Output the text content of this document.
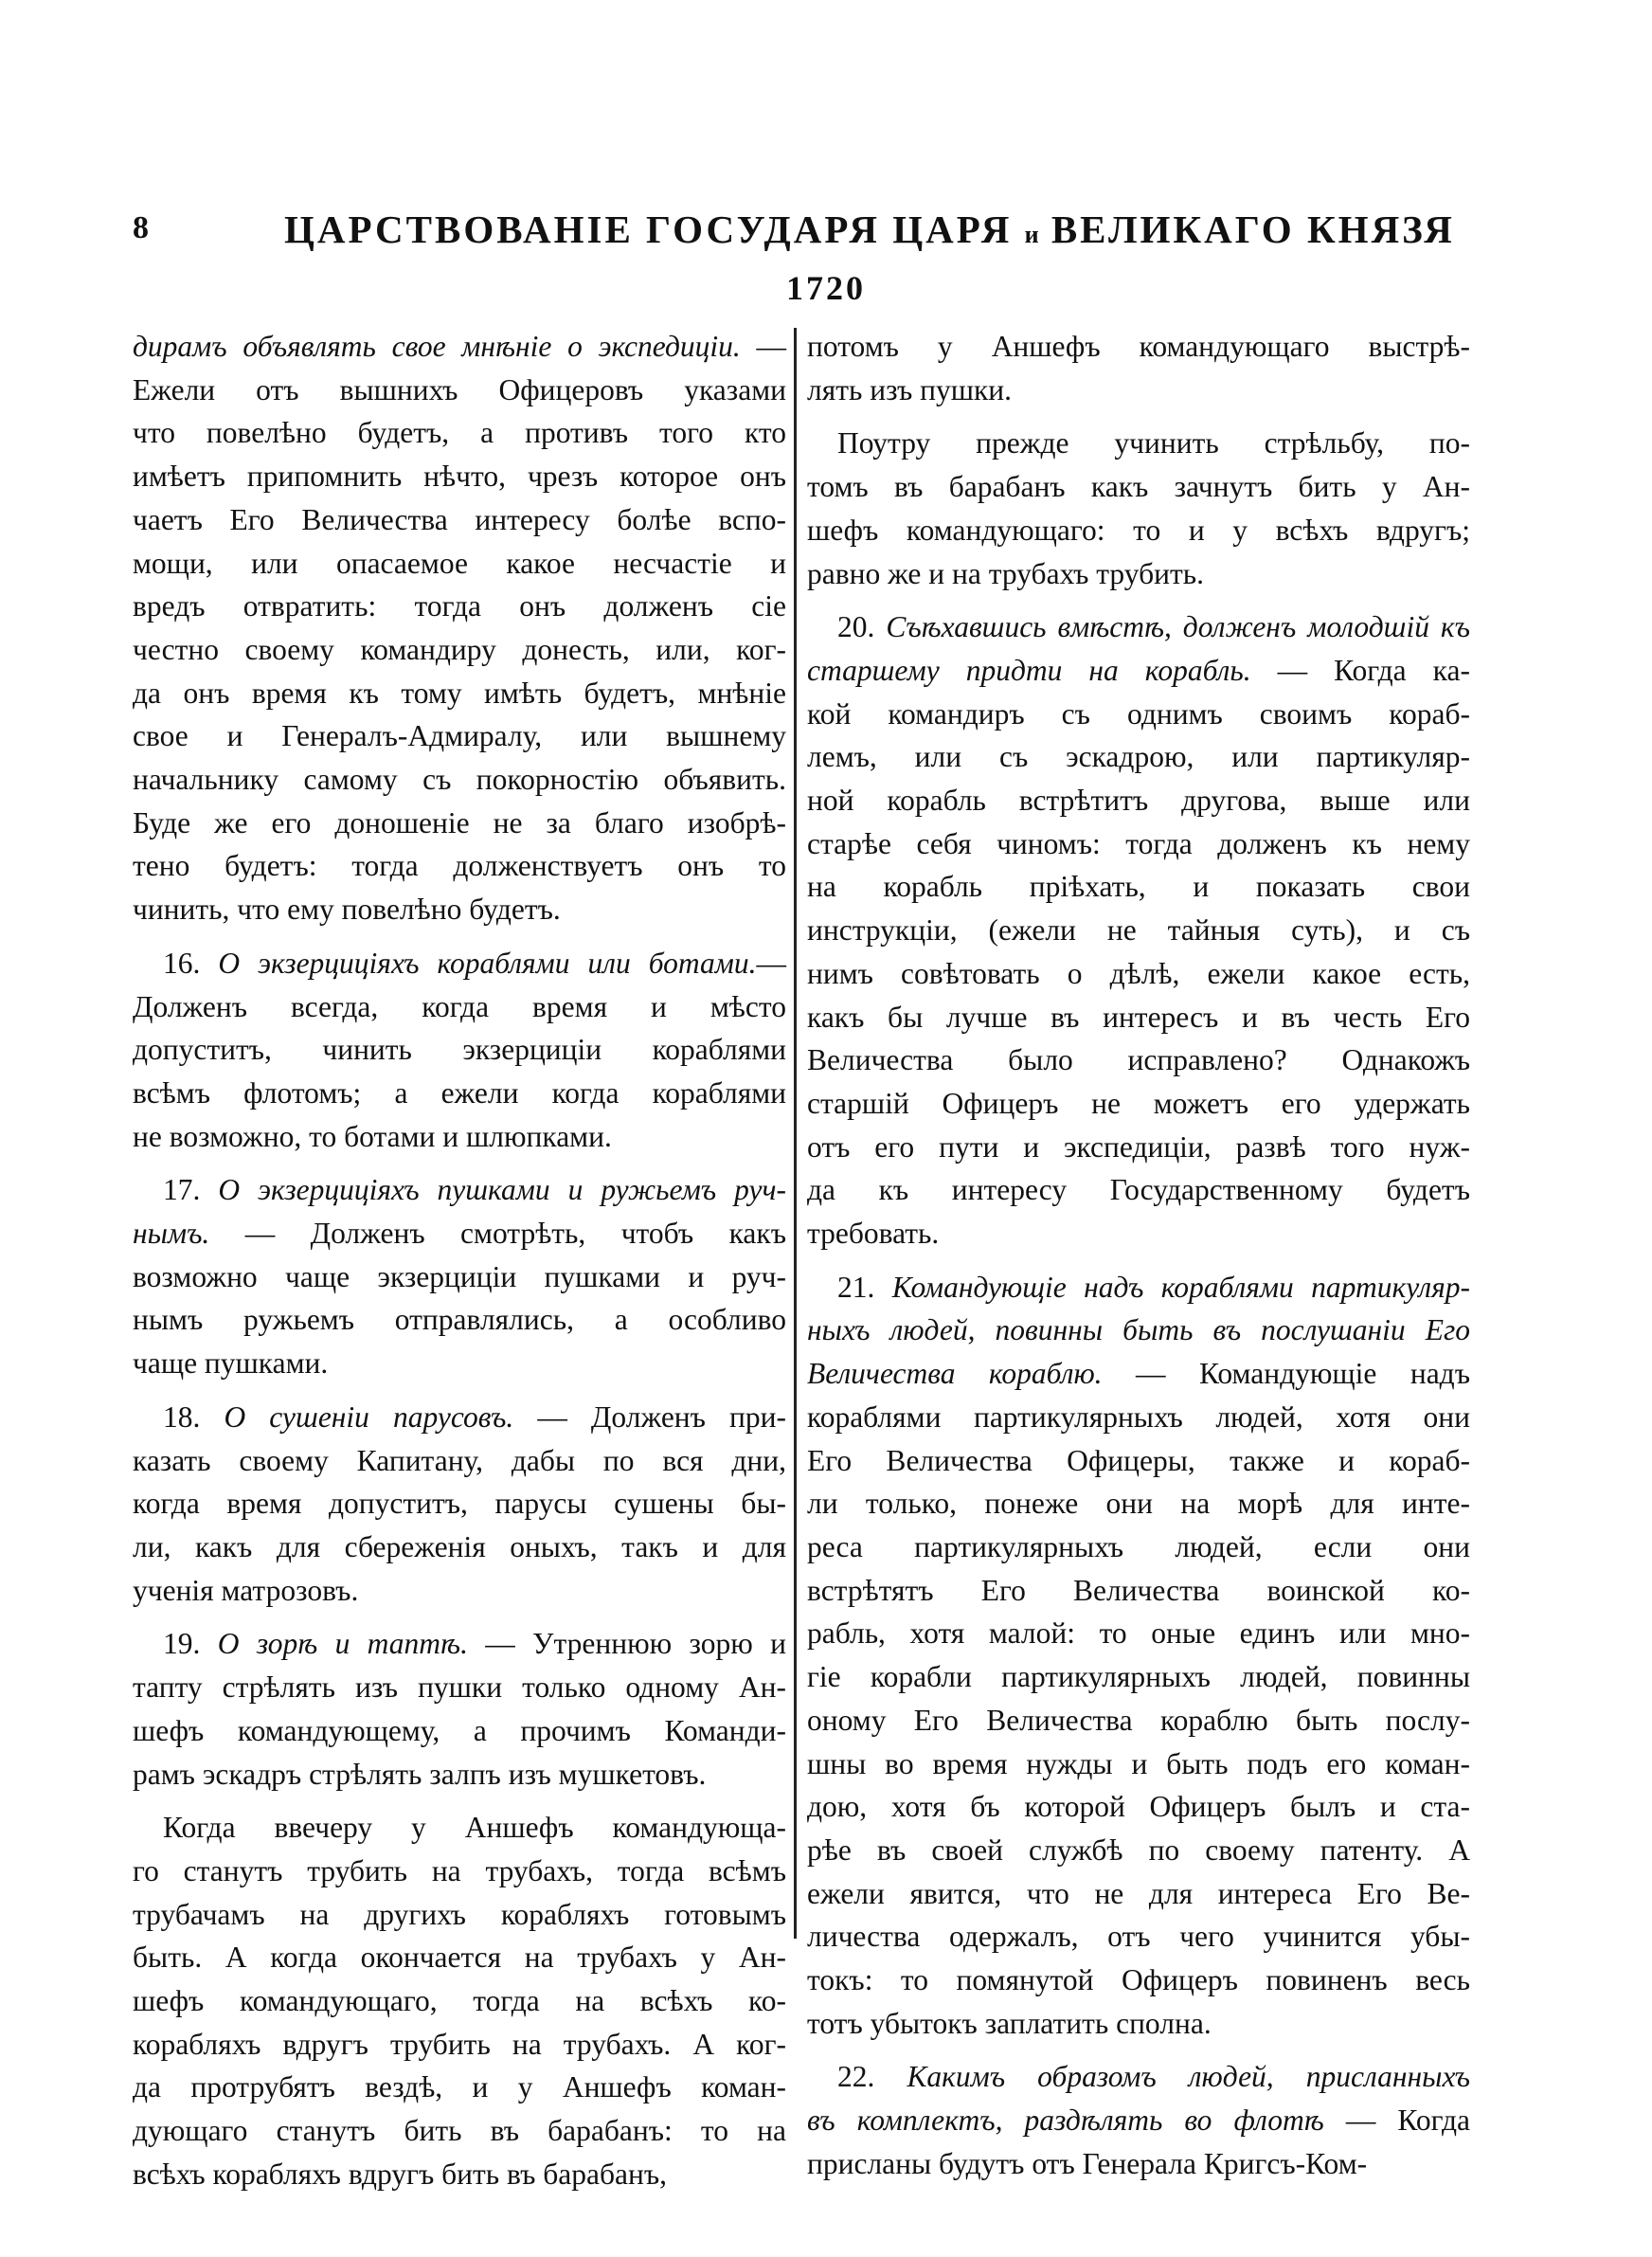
8	ЦАРСТВОВАНІЕ ГОСУДАРЯ ЦАРЯ и ВЕЛИКАГО КНЯЗЯ
1720

дирамъ объявлять свое мнѣніе о экспедиціи. —
Ежели отъ вышнихъ Офицеровъ указами
что повелѣно будетъ, а противъ того кто
имѣетъ припомнить нѣчто, чрезъ которое онъ
чаетъ Его Величества интересу болѣе вспо-
мощи, или опасаемое какое несчастіе и
вредъ отвратить: тогда онъ долженъ сіе
честно своему командиру донесть, или, ког-
да онъ время къ тому имѣть будетъ, мнѣніе
свое и Генералъ-Адмиралу, или вышнему
начальнику самому съ покорностію объявить.
Буде же его доношеніе не за благо изобрѣ-
тено будетъ: тогда долженствуетъ онъ то
чинить, что ему повелѣно будетъ.

16. О экзерциціяхъ кораблями или ботами.—
Долженъ всегда, когда время и мѣсто
допуститъ, чинить экзерциціи кораблями
всѣмъ флотомъ; а ежели когда кораблями
не возможно, то ботами и шлюпками.

17. О экзерциціяхъ пушками и ружьемъ руч-
нымъ. — Долженъ смотрѣть, чтобъ какъ
возможно чаще экзерциціи пушками и руч-
нымъ ружьемъ отправлялись, а особливо
чаще пушками.

18. О сушеніи парусовъ. — Долженъ при-
казать своему Капитану, дабы по вся дни,
когда время допуститъ, парусы сушены бы-
ли, какъ для сбереженія оныхъ, такъ и для
ученія матрозовъ.

19. О зорѣ и таптѣ. — Утреннюю зорю и
тапту стрѣлять изъ пушки только одному Ан-
шефъ командующему, а прочимъ Команди-
рамъ эскадръ стрѣлять залпъ изъ мушкетовъ.

Когда ввечеру у Аншефъ командующа-
го станутъ трубить на трубахъ, тогда всѣмъ
трубачамъ на другихъ корабляхъ готовымъ
быть. А когда окончается на трубахъ у Ан-
шефъ командующаго, тогда на всѣхъ ко-
корабляхъ вдругъ трубить на трубахъ. А ког-
да протрубятъ вездѣ, и у Аншефъ коман-
дующаго станутъ бить въ барабанъ: то на
всѣхъ корабляхъ вдругъ бить въ барабанъ,

потомъ у Аншефъ командующаго выстрѣ-
лять изъ пушки.

Поутру прежде учинить стрѣльбу, по-
томъ въ барабанъ какъ зачнутъ бить у Ан-
шефъ командующаго: то и у всѣхъ вдругъ;
равно же и на трубахъ трубить.

20. Съѣхавшись вмѣстѣ, долженъ молодшій къ
старшему придти на корабль. — Когда ка-
кой командиръ съ однимъ своимъ кораб-
лемъ, или съ эскадрою, или партикуляр-
ной корабль встрѣтитъ другова, выше или
старѣе себя чиномъ: тогда долженъ къ нему
на корабль пріѣхать, и показать свои
инструкціи, (ежели не тайныя суть), и съ
нимъ совѣтовать о дѣлѣ, ежели какое есть,
какъ бы лучше въ интересъ и въ честь Его
Величества было исправлено? Однакожъ
старшій Офицеръ не можетъ его удержать
отъ его пути и экспедиціи, развѣ того нуж-
да къ интересу Государственному будетъ
требовать.

21. Командующіе надъ кораблями партикуляр-
ныхъ людей, повинны быть въ послушаніи Его
Величества кораблю. — Командующіе надъ
кораблями партикулярныхъ людей, хотя они
Его Величества Офицеры, также и кораб-
ли только, понеже они на морѣ для инте-
реса партикулярныхъ людей, если они
встрѣтятъ Его Величества воинской ко-
рабль, хотя малой: то оные единъ или мно-
гіе корабли партикулярныхъ людей, повинны
оному Его Величества кораблю быть послу-
шны во время нужды и быть подъ его коман-
дою, хотя бъ которой Офицеръ былъ и ста-
рѣе въ своей службѣ по своему патенту. А
ежели явится, что не для интереса Его Ве-
личества одержалъ, отъ чего учинится убы-
токъ: то помянутой Офицеръ повиненъ весь
тотъ убытокъ заплатить сполна.

22. Какимъ образомъ людей, присланныхъ
въ комплектъ, раздѣлять во флотѣ — Когда
присланы будутъ отъ Генерала Кригсъ-Ком-
